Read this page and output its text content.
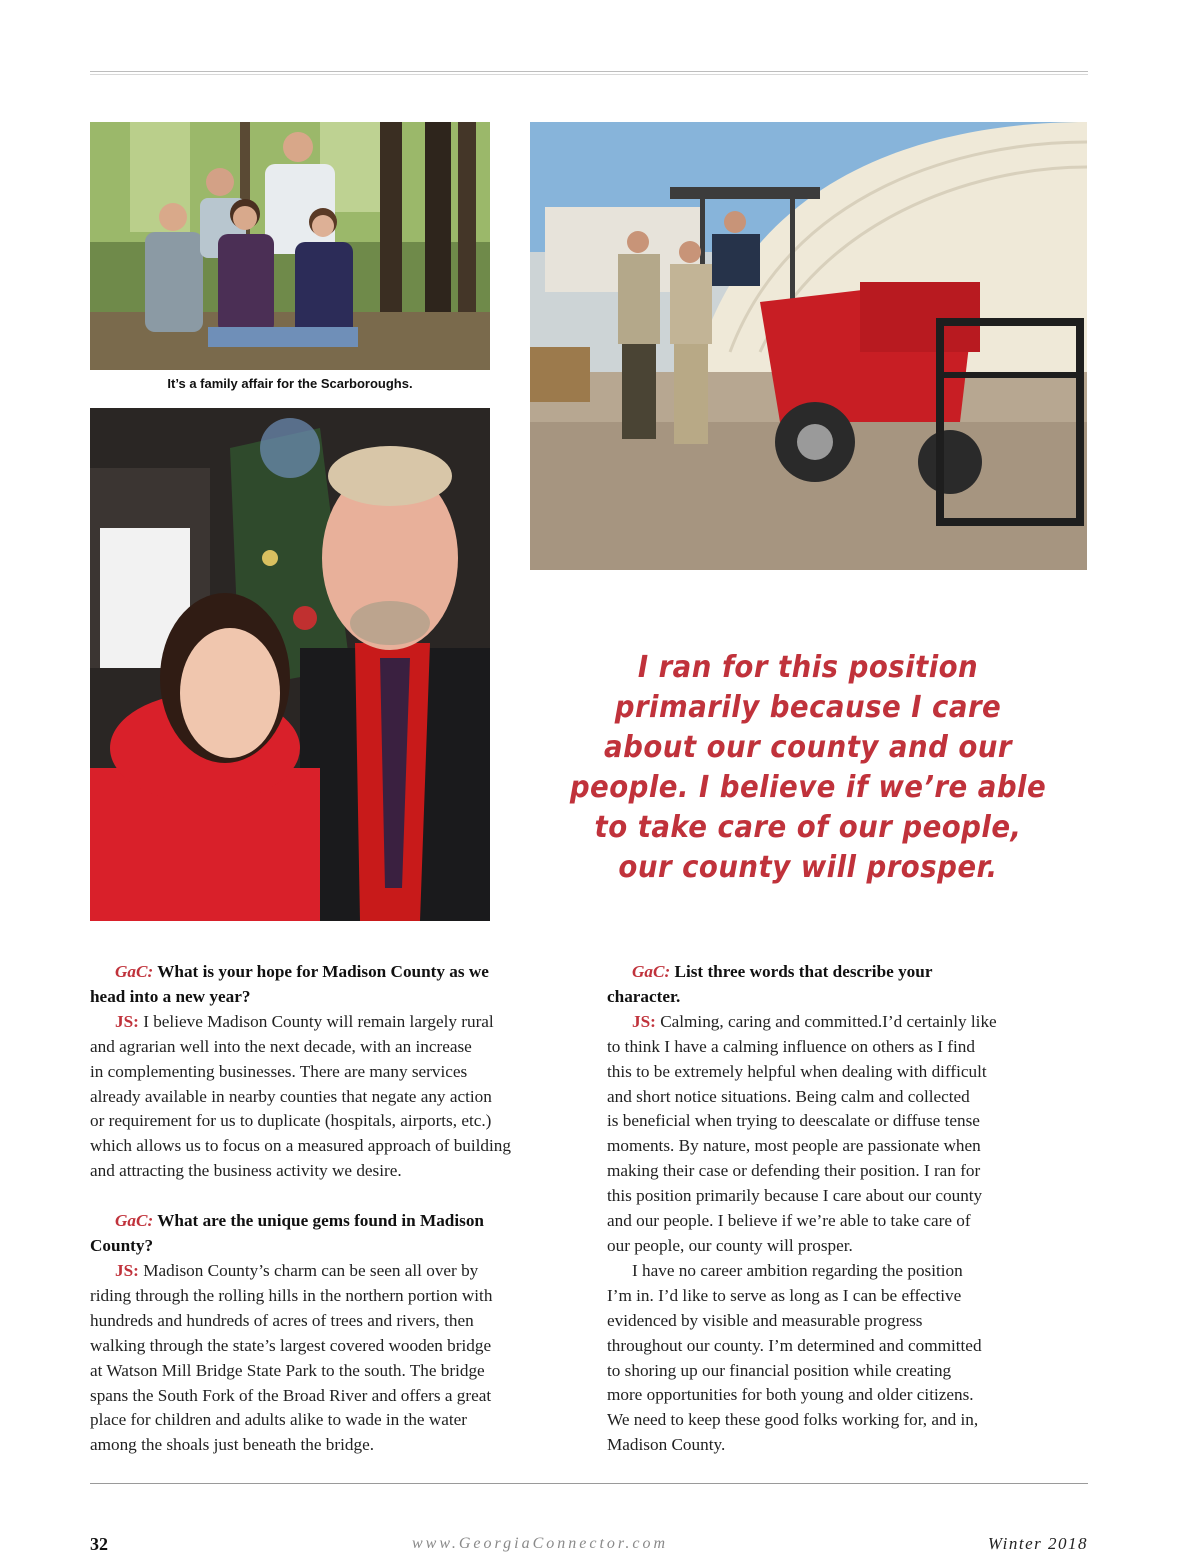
It’s a family affair for the Scarboroughs.
I ran for this position
primarily because I care
about our county and our
people. I believe if we’re able
to take care of our people,
our county will prosper.

GaC: What is your hope for Madison County as we

head into a new year?

JS: I believe Madison County will remain largely rural

and agrarian well into the next decade, with an increase

in complementing businesses. There are many services

already available in nearby counties that negate any action

or requirement for us to duplicate (hospitals, airports, etc.)

which allows us to focus on a measured approach of building

and attracting the business activity we desire.

GaC: What are the unique gems found in Madison

County?

JS: Madison County’s charm can be seen all over by

riding through the rolling hills in the northern portion with

hundreds and hundreds of acres of trees and rivers, then

walking through the state’s largest covered wooden bridge

at Watson Mill Bridge State Park to the south. The bridge

spans the South Fork of the Broad River and offers a great

place for children and adults alike to wade in the water

among the shoals just beneath the bridge.

GaC: List three words that describe your

character.

JS: Calming, caring and committed.I’d certainly like

to think I have a calming influence on others as I find

this to be extremely helpful when dealing with difficult

and short notice situations. Being calm and collected

is beneficial when trying to deescalate or diffuse tense

moments. By nature, most people are passionate when

making their case or defending their position. I ran for

this position primarily because I care about our county

and our people. I believe if we’re able to take care of

our people, our county will prosper.

I have no career ambition regarding the position

I’m in. I’d like to serve as long as I can be effective

evidenced by visible and measurable progress

throughout our county. I’m determined and committed

to shoring up our financial position while creating

more opportunities for both young and older citizens.

We need to keep these good folks working for, and in,

Madison County.

32	www.GeorgiaConnector.com	Winter 2018
